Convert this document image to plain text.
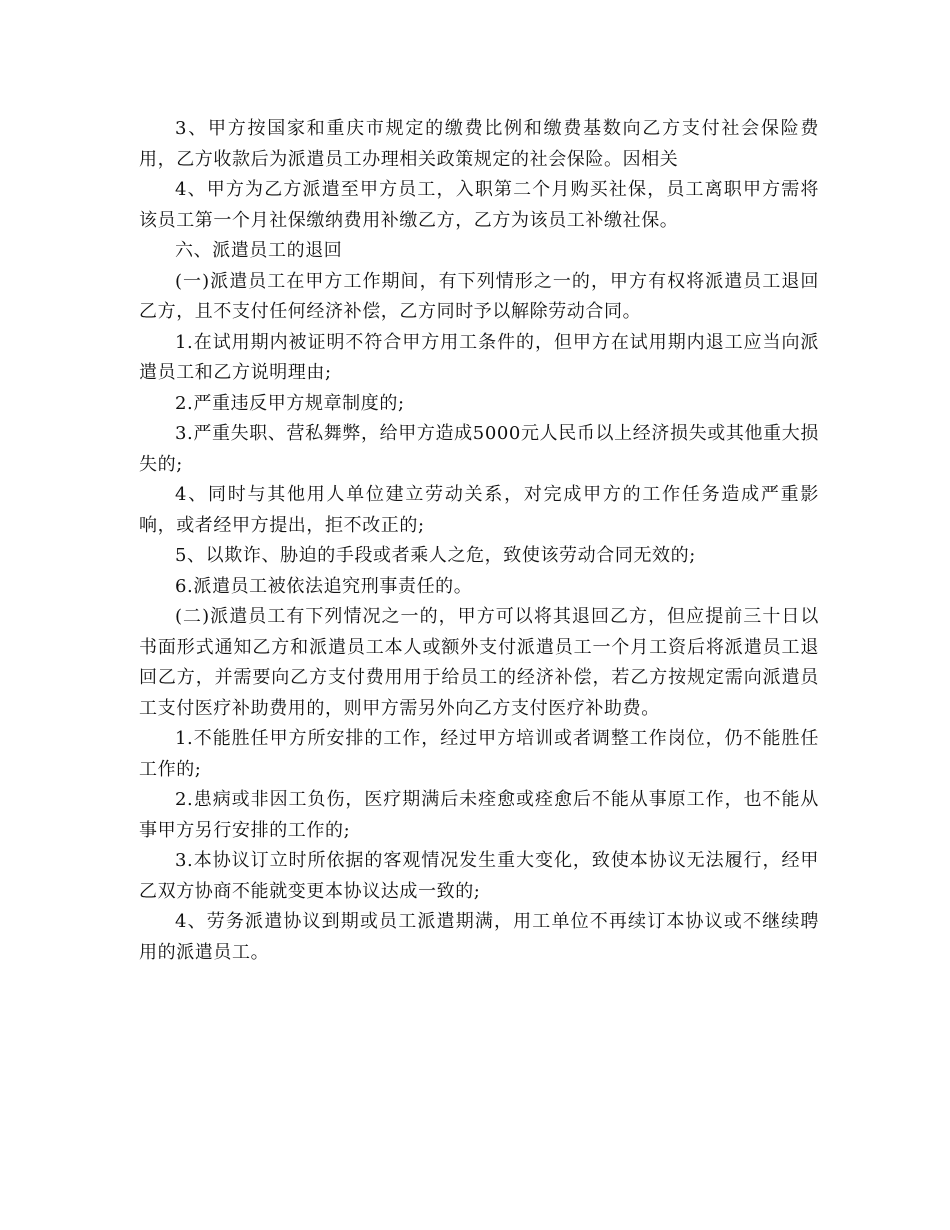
3、甲方按国家和重庆市规定的缴费比例和缴费基数向乙方支付社会保险费用，乙方收款后为派遣员工办理相关政策规定的社会保险。因相关

4、甲方为乙方派遣至甲方员工，入职第二个月购买社保，员工离职甲方需将该员工第一个月社保缴纳费用补缴乙方，乙方为该员工补缴社保。

六、派遣员工的退回

(一)派遣员工在甲方工作期间，有下列情形之一的，甲方有权将派遣员工退回乙方，且不支付任何经济补偿，乙方同时予以解除劳动合同。

1.在试用期内被证明不符合甲方用工条件的，但甲方在试用期内退工应当向派遣员工和乙方说明理由;

2.严重违反甲方规章制度的;

3.严重失职、营私舞弊，给甲方造成5000元人民币以上经济损失或其他重大损失的;

4、同时与其他用人单位建立劳动关系，对完成甲方的工作任务造成严重影响，或者经甲方提出，拒不改正的;

5、以欺诈、胁迫的手段或者乘人之危，致使该劳动合同无效的;

6.派遣员工被依法追究刑事责任的。

(二)派遣员工有下列情况之一的，甲方可以将其退回乙方，但应提前三十日以书面形式通知乙方和派遣员工本人或额外支付派遣员工一个月工资后将派遣员工退回乙方，并需要向乙方支付费用用于给员工的经济补偿，若乙方按规定需向派遣员工支付医疗补助费用的，则甲方需另外向乙方支付医疗补助费。

1.不能胜任甲方所安排的工作，经过甲方培训或者调整工作岗位，仍不能胜任工作的;

2.患病或非因工负伤，医疗期满后未痊愈或痊愈后不能从事原工作，也不能从事甲方另行安排的工作的;

3.本协议订立时所依据的客观情况发生重大变化，致使本协议无法履行，经甲乙双方协商不能就变更本协议达成一致的;

4、劳务派遣协议到期或员工派遣期满，用工单位不再续订本协议或不继续聘用的派遣员工。
